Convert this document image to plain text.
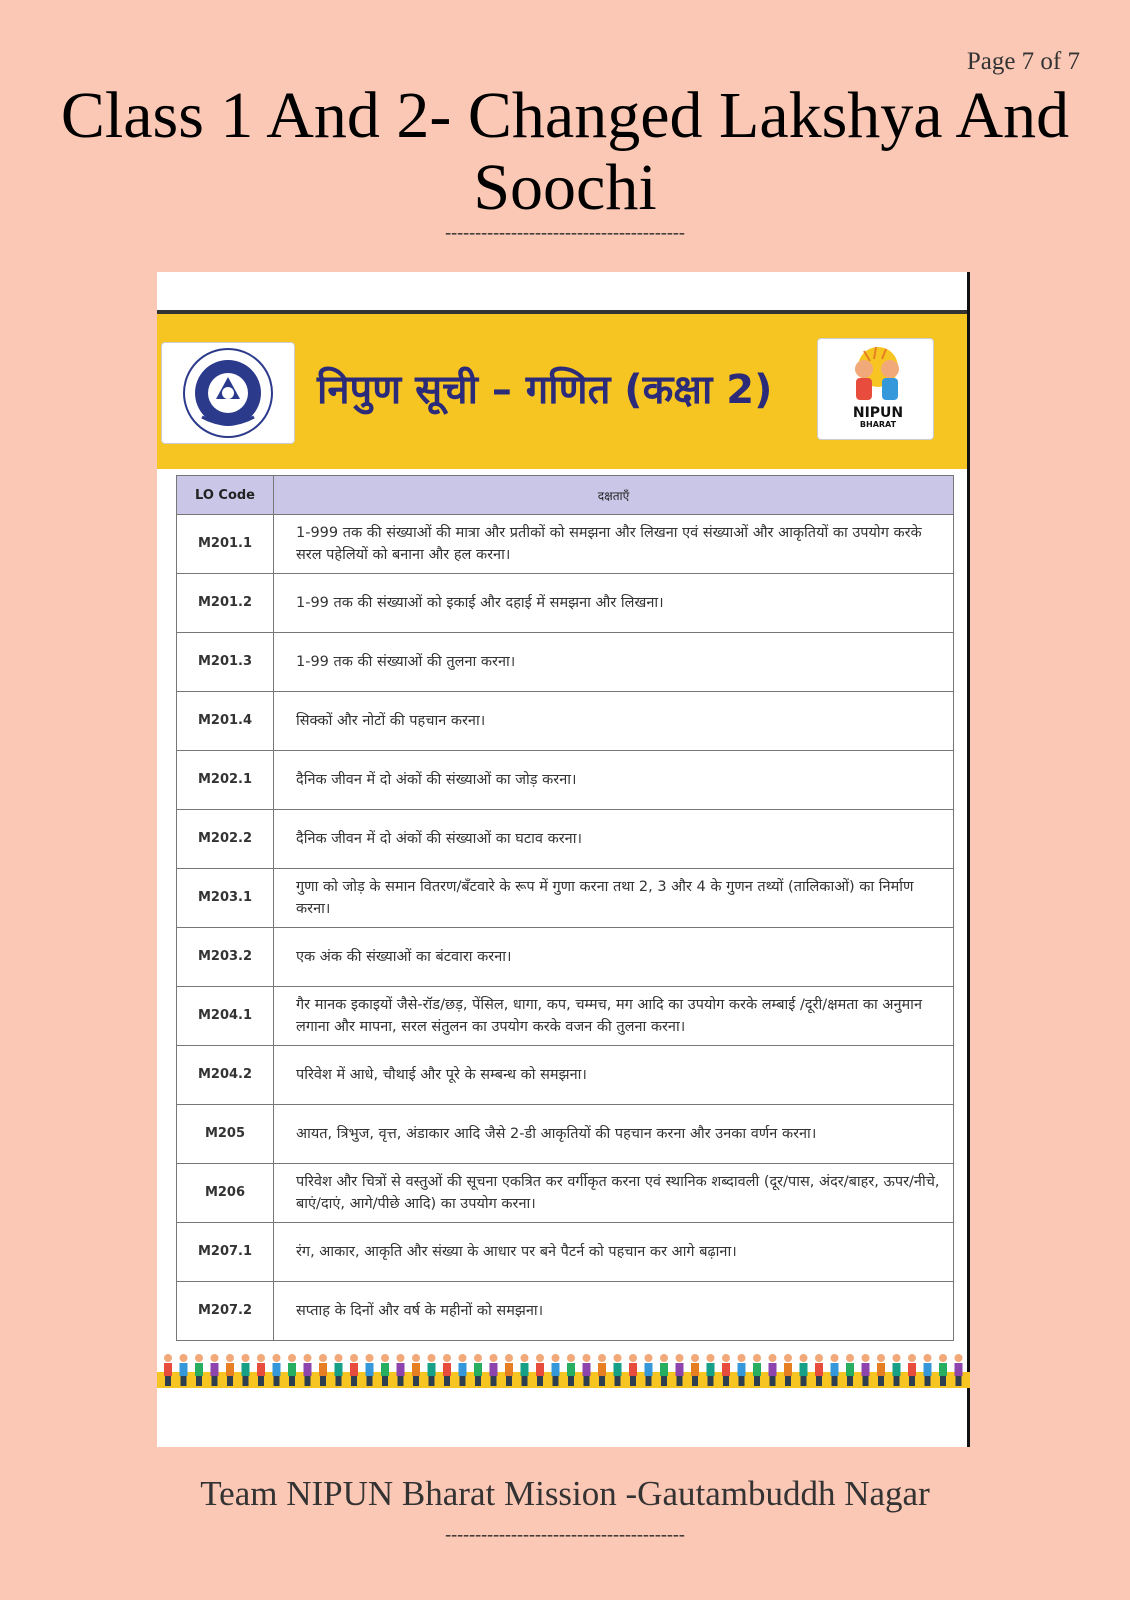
Page 7 of 7
Class 1 And 2- Changed Lakshya And
Soochi
----------------------------------------
निपुण सूची – गणित (कक्षा 2)	NIPUN
BHARAT
LO Code	दक्षताएँ
M201.1	1-999 तक की संख्याओं की मात्रा और प्रतीकों को समझना और लिखना एवं संख्याओं और आकृतियों का उपयोग करके सरल पहेलियों को बनाना और हल करना।
M201.2	1-99 तक की संख्याओं को इकाई और दहाई में समझना और लिखना।
M201.3	1-99 तक की संख्याओं की तुलना करना।
M201.4	सिक्कों और नोटों की पहचान करना।
M202.1	दैनिक जीवन में दो अंकों की संख्याओं का जोड़ करना।
M202.2	दैनिक जीवन में दो अंकों की संख्याओं का घटाव करना।
M203.1	गुणा को जोड़ के समान वितरण/बँटवारे के रूप में गुणा करना तथा 2, 3 और 4 के गुणन तथ्यों (तालिकाओं) का निर्माण करना।
M203.2	एक अंक की संख्याओं का बंटवारा करना।
M204.1	गैर मानक इकाइयों जैसे-रॉड/छड़, पेंसिल, धागा, कप, चम्मच, मग आदि का उपयोग करके लम्बाई /दूरी/क्षमता का अनुमान लगाना और मापना, सरल संतुलन का उपयोग करके वजन की तुलना करना।
M204.2	परिवेश में आधे, चौथाई और पूरे के सम्बन्ध को समझना।
M205	आयत, त्रिभुज, वृत्त, अंडाकार आदि जैसे 2-डी आकृतियों की पहचान करना और उनका वर्णन करना।
M206	परिवेश और चित्रों से वस्तुओं की सूचना एकत्रित कर वर्गीकृत करना एवं स्थानिक शब्दावली (दूर/पास, अंदर/बाहर, ऊपर/नीचे, बाएं/दाएं, आगे/पीछे आदि) का उपयोग करना।
M207.1	रंग, आकार, आकृति और संख्या के आधार पर बने पैटर्न को पहचान कर आगे बढ़ाना।
M207.2	सप्ताह के दिनों और वर्ष के महीनों को समझना।
Team NIPUN Bharat Mission -Gautambuddh Nagar
----------------------------------------
